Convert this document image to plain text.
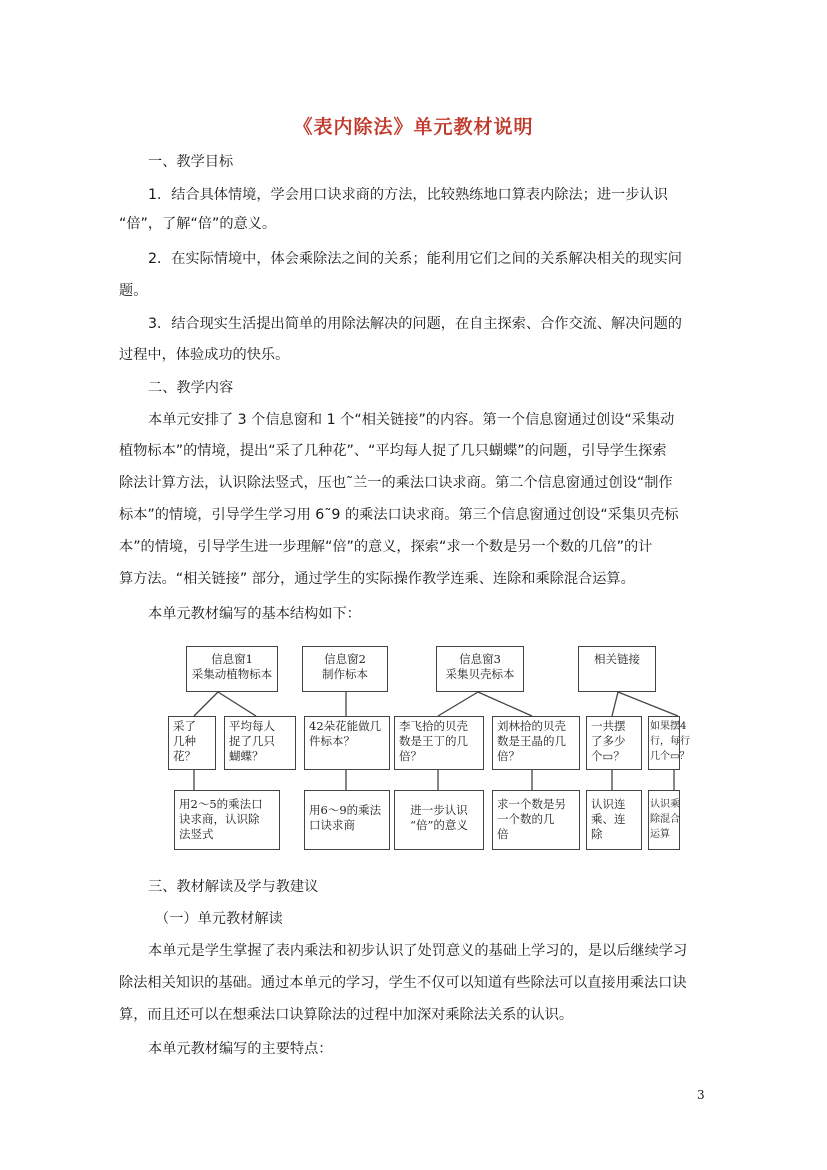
《表内除法》单元教材说明
一、教学目标
1．结合具体情境，学会用口诀求商的方法，比较熟练地口算表内除法；进一步认识
“倍”，了解“倍”的意义。
2．在实际情境中，体会乘除法之间的关系；能利用它们之间的关系解决相关的现实问
题。
3．结合现实生活提出简单的用除法解决的问题，在自主探索、合作交流、解决问题的
过程中，体验成功的快乐。
二、教学内容
本单元安排了 3 个信息窗和 1 个“相关链接”的内容。第一个信息窗通过创设“采集动
植物标本”的情境，提出“采了几种花”、“平均每人捉了几只蝴蝶”的问题，引导学生探索
除法计算方法，认识除法竖式，压也˜兰一的乘法口诀求商。第二个信息窗通过创设“制作
标本”的情境，引导学生学习用 6˜9 的乘法口诀求商。第三个信息窗通过创设“采集贝壳标
本”的情境，引导学生进一步理解“倍”的意义，探索“求一个数是另一个数的几倍”的计
算方法。“相关链接” 部分，通过学生的实际操作教学连乘、连除和乘除混合运算。
本单元教材编写的基本结构如下：
信息窗1
采集动植物标本
信息窗2
制作标本
信息窗3
采集贝壳标本
相关链接
采了
几种
花？
平均每人
捉了几只
蝴蝶？
42朵花能做几
件标本？
李飞拾的贝壳
数是王丁的几
倍？
刘林拾的贝壳
数是王晶的几
倍？
一共摆
了多少
个▭？
如果摆4
行，每行
几个▭？
用2～5的乘法口
诀求商，认识除
法竖式
用6～9的乘法
口诀求商
进一步认识
“倍”的意义
求一个数是另
一个数的几
倍
认识连
乘、连
除
认识乘
除混合
运算
三、教材解读及学与教建议
（一）单元教材解读
本单元是学生掌握了表内乘法和初步认识了处罚意义的基础上学习的，是以后继续学习
除法相关知识的基础。通过本单元的学习，学生不仅可以知道有些除法可以直接用乘法口诀
算，而且还可以在想乘法口诀算除法的过程中加深对乘除法关系的认识。
本单元教材编写的主要特点：
3
